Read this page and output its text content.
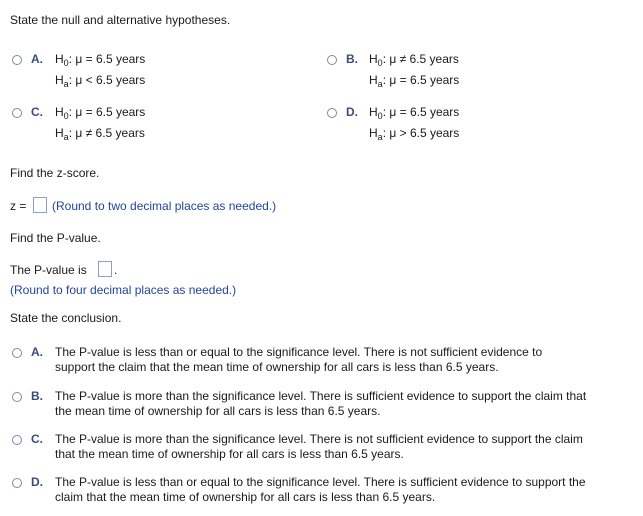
State the null and alternative hypotheses.
A. $H_0$: μ = 6.5 years
$H_a$: μ < 6.5 years
B. $H_0$: μ ≠ 6.5 years
$H_a$: μ = 6.5 years
C. $H_0$: μ = 6.5 years
$H_a$: μ ≠ 6.5 years
D. $H_0$: μ = 6.5 years
$H_a$: μ > 6.5 years
Find the z-score.
z = (Round to two decimal places as needed.)
Find the P-value.
The P-value is .
(Round to four decimal places as needed.)
State the conclusion.
A. The P-value is less than or equal to the significance level. There is not sufficient evidence to
support the claim that the mean time of ownership for all cars is less than 6.5 years.
B. The P-value is more than the significance level. There is sufficient evidence to support the claim that
the mean time of ownership for all cars is less than 6.5 years.
C. The P-value is more than the significance level. There is not sufficient evidence to support the claim
that the mean time of ownership for all cars is less than 6.5 years.
D. The P-value is less than or equal to the significance level. There is sufficient evidence to support the
claim that the mean time of ownership for all cars is less than 6.5 years.
